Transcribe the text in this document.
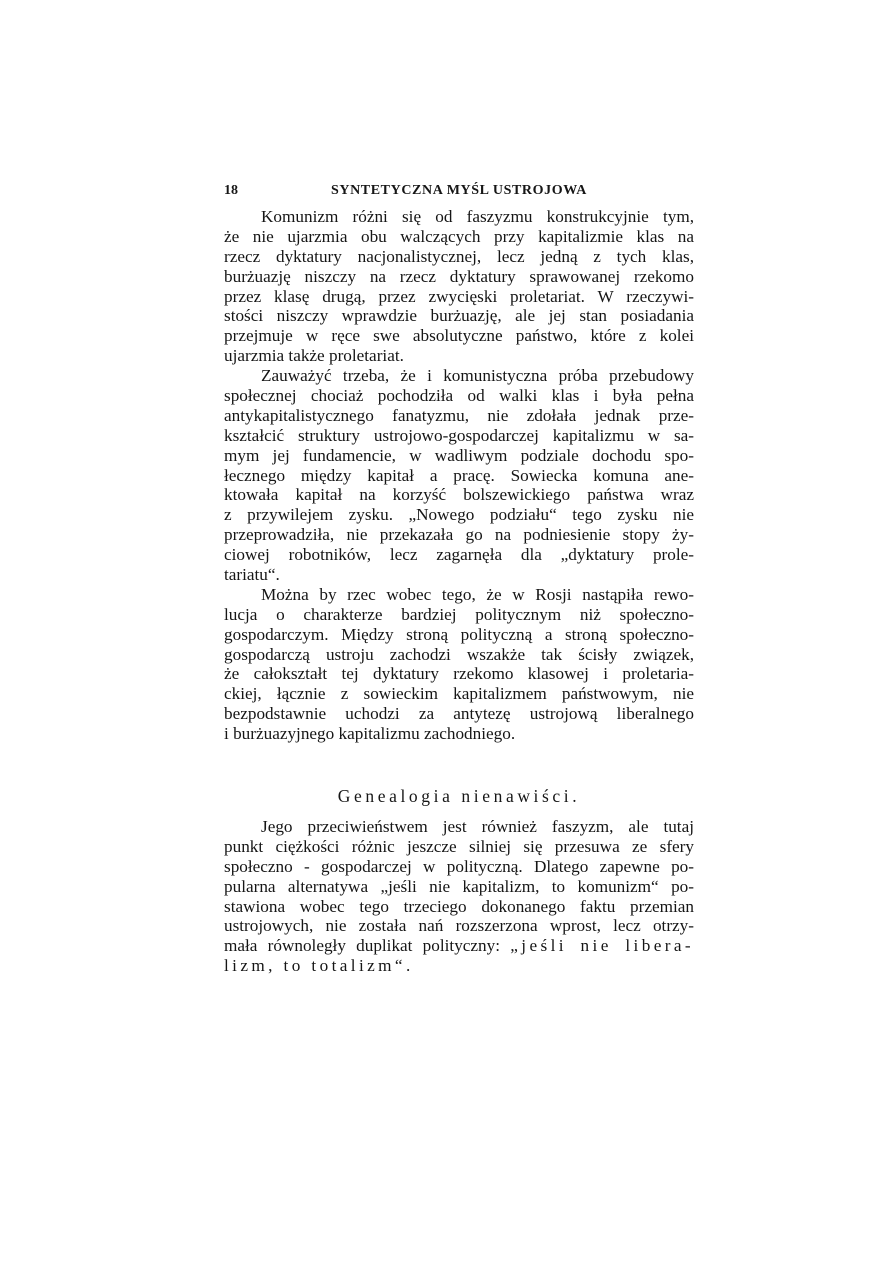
18	SYNTETYCZNA MYŚL USTROJOWA
Komunizm różni się od faszyzmu konstrukcyjnie tym,
że nie ujarzmia obu walczących przy kapitalizmie klas na
rzecz dyktatury nacjonalistycznej, lecz jedną z tych klas,
burżuazję niszczy na rzecz dyktatury sprawowanej rzekomo
przez klasę drugą, przez zwycięski proletariat. W rzeczywi-
stości niszczy wprawdzie burżuazję, ale jej stan posiadania
przejmuje w ręce swe absolutyczne państwo, które z kolei
ujarzmia także proletariat.
Zauważyć trzeba, że i komunistyczna próba przebudowy
społecznej chociaż pochodziła od walki klas i była pełna
antykapitalistycznego fanatyzmu, nie zdołała jednak prze-
kształcić struktury ustrojowo-gospodarczej kapitalizmu w sa-
mym jej fundamencie, w wadliwym podziale dochodu spo-
łecznego między kapitał a pracę. Sowiecka komuna ane-
ktowała kapitał na korzyść bolszewickiego państwa wraz
z przywilejem zysku. „Nowego podziału“ tego zysku nie
przeprowadziła, nie przekazała go na podniesienie stopy ży-
ciowej robotników, lecz zagarnęła dla „dyktatury prole-
tariatu“.
Można by rzec wobec tego, że w Rosji nastąpiła rewo-
lucja o charakterze bardziej politycznym niż społeczno-
gospodarczym. Między stroną polityczną a stroną społeczno-
gospodarczą ustroju zachodzi wszakże tak ścisły związek,
że całokształt tej dyktatury rzekomo klasowej i proletaria-
ckiej, łącznie z sowieckim kapitalizmem państwowym, nie
bezpodstawnie uchodzi za antytezę ustrojową liberalnego
i burżuazyjnego kapitalizmu zachodniego.
Genealogia nienawiści.
Jego przeciwieństwem jest również faszyzm, ale tutaj
punkt ciężkości różnic jeszcze silniej się przesuwa ze sfery
społeczno - gospodarczej w polityczną. Dlatego zapewne po-
pularna alternatywa „jeśli nie kapitalizm, to komunizm“ po-
stawiona wobec tego trzeciego dokonanego faktu przemian
ustrojowych, nie została nań rozszerzona wprost, lecz otrzy-
mała równoległy duplikat polityczny: „jeśli nie libera-
lizm, to totalizm“.
